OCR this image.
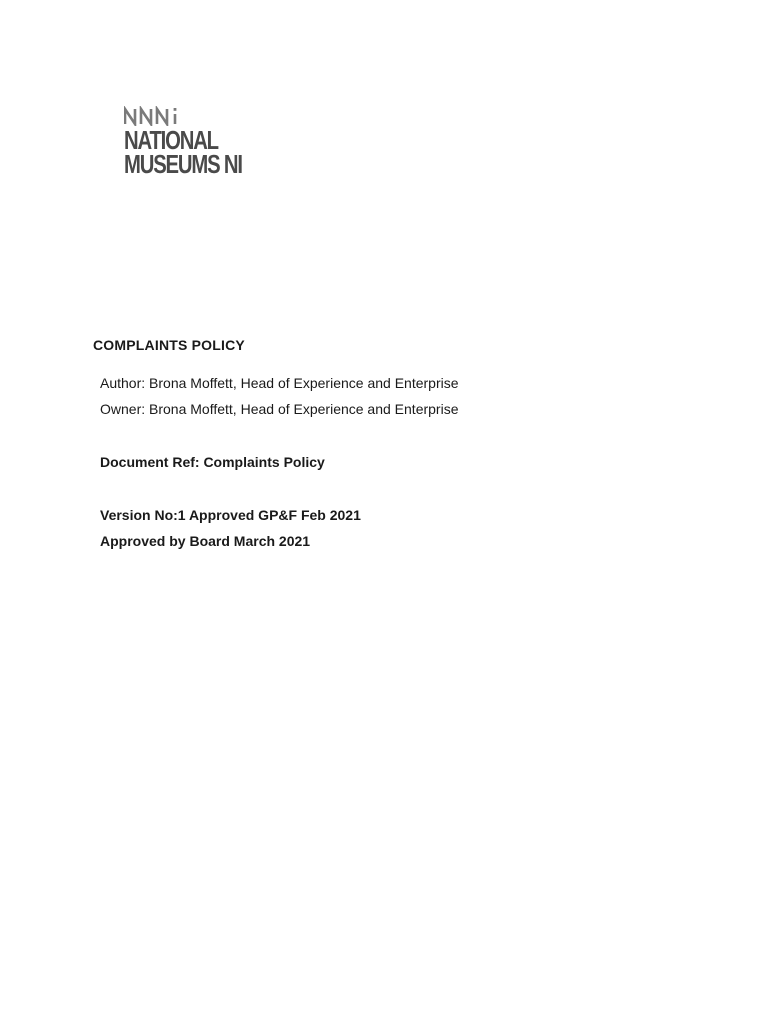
NATIONAL
MUSEUMS NI
COMPLAINTS POLICY

Author: Brona Moffett, Head of Experience and Enterprise

Owner: Brona Moffett, Head of Experience and Enterprise

Document Ref: Complaints Policy

Version No:1 Approved GP&F Feb 2021

Approved by Board March 2021
